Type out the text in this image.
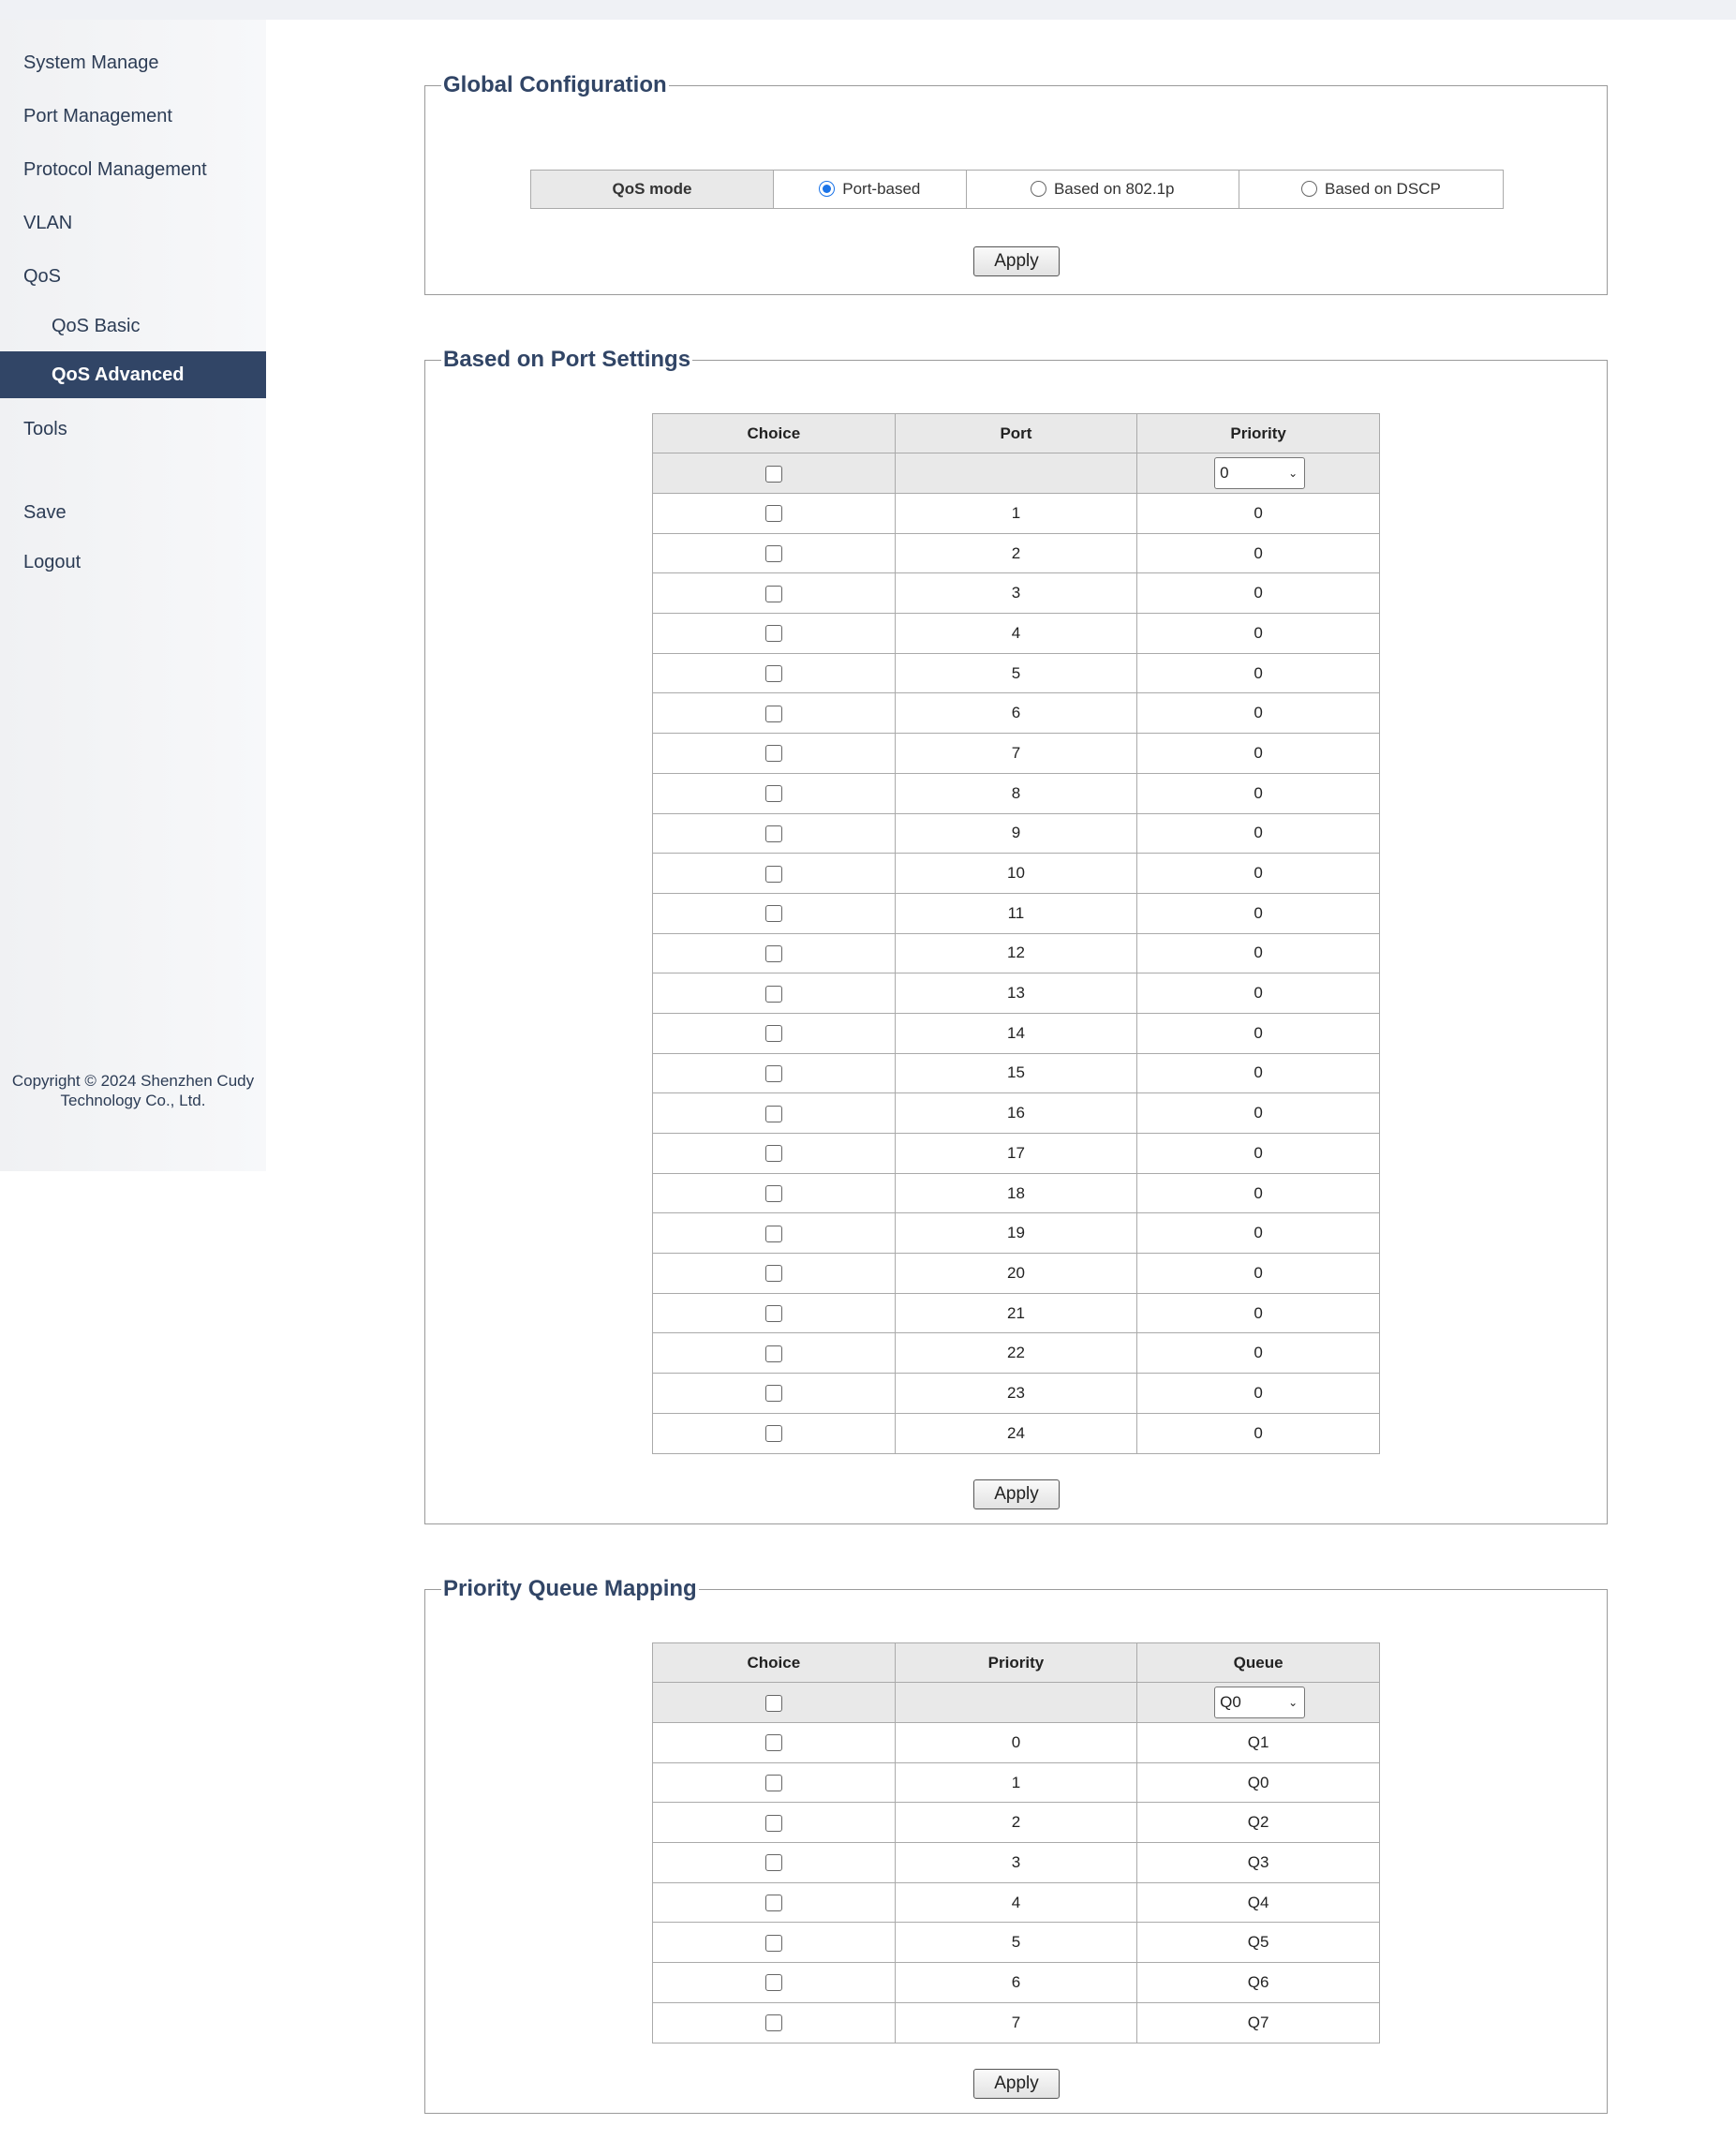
System Manage
Port Management
Protocol Management
VLAN
QoS
QoS Basic
QoS Advanced
Tools
Save
Logout
Copyright © 2024 Shenzhen Cudy Technology Co., Ltd.
Global Configuration
QoS mode	Port-based	Based on 802.1p	Based on DSCP
Apply
Based on Port Settings
Choice	Port	Priority
		0 ⌄

	1	0
	2	0
	3	0
	4	0
	5	0
	6	0
	7	0
	8	0
	9	0
	10	0
	11	0
	12	0
	13	0
	14	0
	15	0
	16	0
	17	0
	18	0
	19	0
	20	0
	21	0
	22	0
	23	0
	24	0
Apply
Priority Queue Mapping
Choice	Priority	Queue
		Q0 ⌄

	0	Q1
	1	Q0
	2	Q2
	3	Q3
	4	Q4
	5	Q5
	6	Q6
	7	Q7
Apply
